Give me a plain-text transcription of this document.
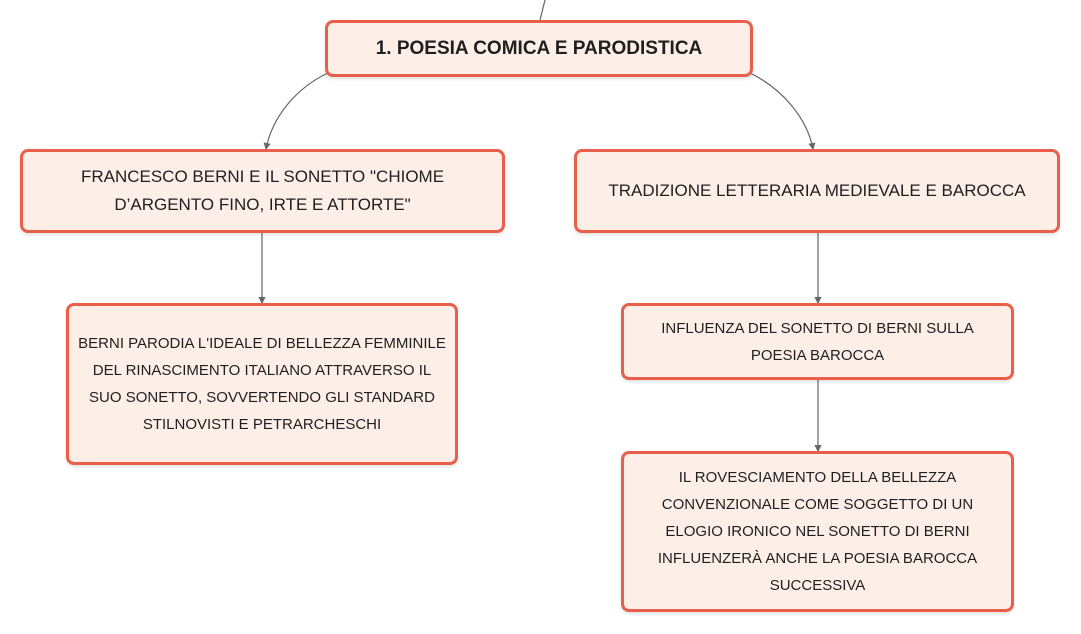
1. POESIA COMICA E PARODISTICA
FRANCESCO BERNI E IL SONETTO "CHIOME D’ARGENTO FINO, IRTE E ATTORTE"
TRADIZIONE LETTERARIA MEDIEVALE E BAROCCA
BERNI PARODIA L'IDEALE DI BELLEZZA FEMMINILE DEL RINASCIMENTO ITALIANO ATTRAVERSO IL SUO SONETTO, SOVVERTENDO GLI STANDARD STILNOVISTI E PETRARCHESCHI
INFLUENZA DEL SONETTO DI BERNI SULLA POESIA BAROCCA
IL ROVESCIAMENTO DELLA BELLEZZA CONVENZIONALE COME SOGGETTO DI UN ELOGIO IRONICO NEL SONETTO DI BERNI INFLUENZERÀ ANCHE LA POESIA BAROCCA SUCCESSIVA
